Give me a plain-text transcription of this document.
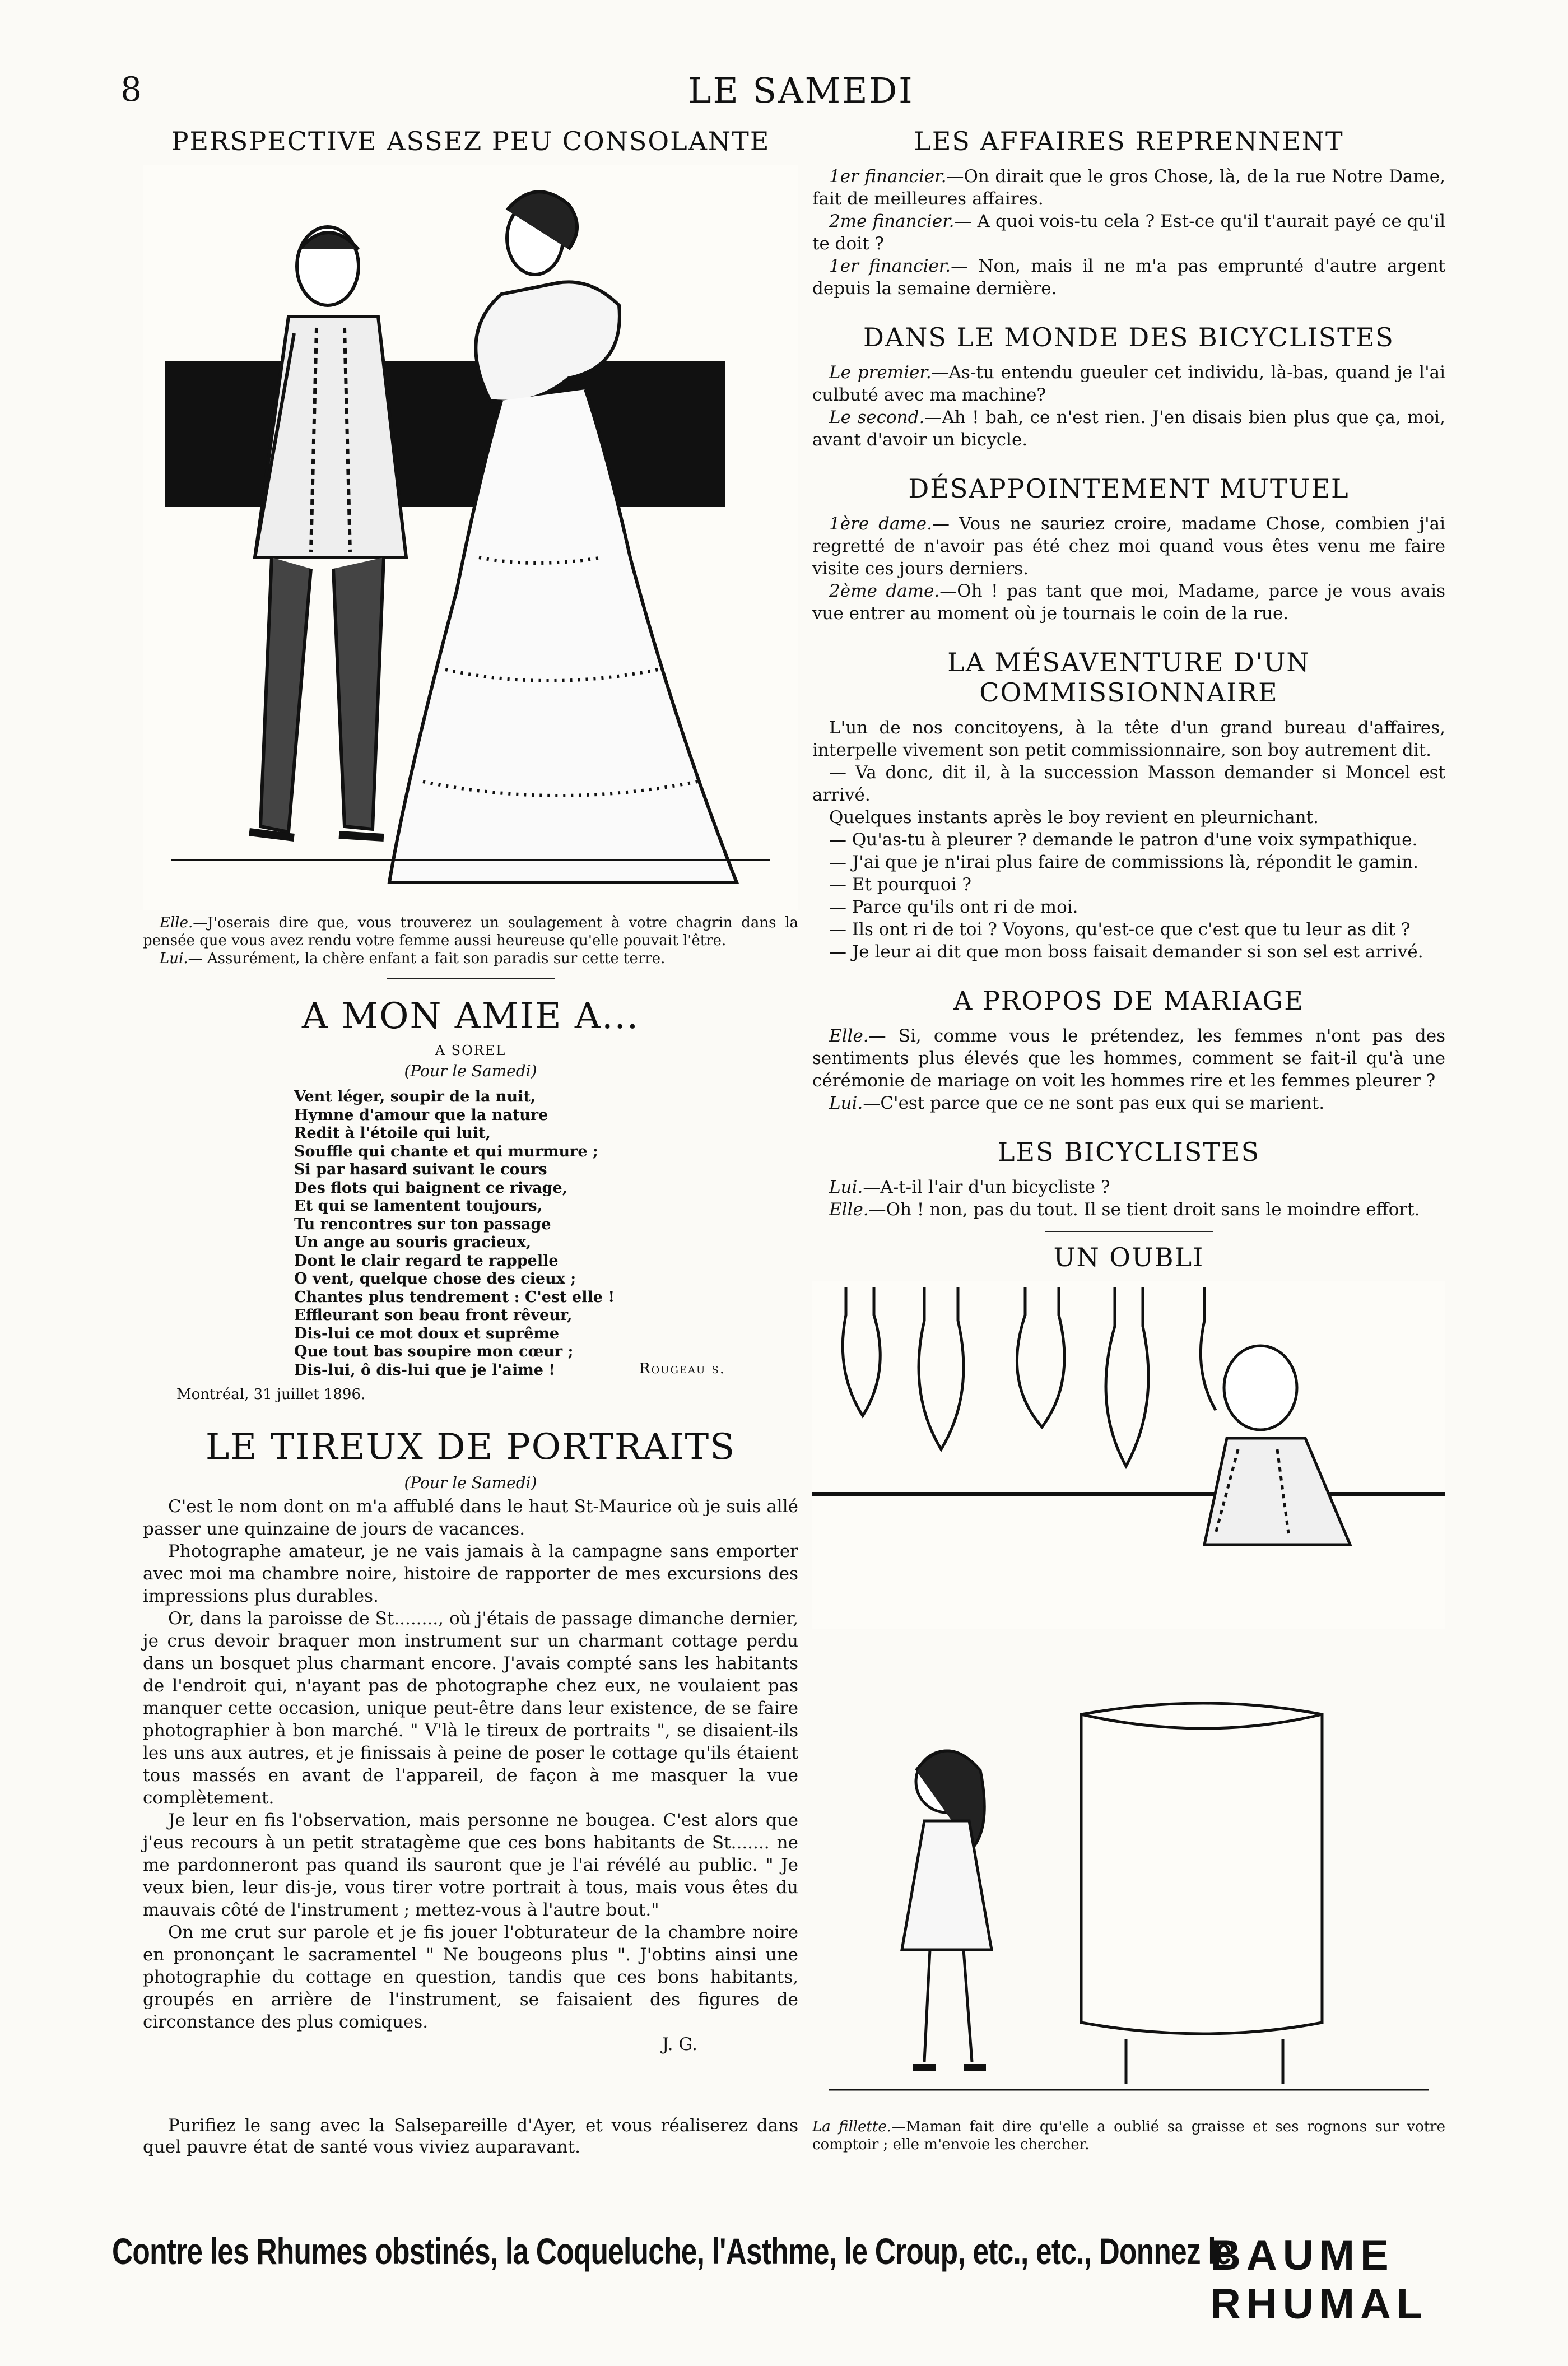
8	LE SAMEDI
PERSPECTIVE ASSEZ PEU CONSOLANTE
Elle.—J'oserais dire que, vous trouverez un soulagement à votre chagrin dans la pensée que vous avez rendu votre femme aussi heureuse qu'elle pouvait l'être.
Lui.— Assurément, la chère enfant a fait son paradis sur cette terre.
A MON AMIE A...
A SOREL
(Pour le Samedi)
Vent léger, soupir de la nuit,
Hymne d'amour que la nature
Redit à l'étoile qui luit,
Souffle qui chante et qui murmure ;
Si par hasard suivant le cours
Des flots qui baignent ce rivage,
Et qui se lamentent toujours,
Tu rencontres sur ton passage
Un ange au souris gracieux,
Dont le clair regard te rappelle
O vent, quelque chose des cieux ;
Chantes plus tendrement : C'est elle !
Effleurant son beau front rêveur,
Dis-lui ce mot doux et suprême
Que tout bas soupire mon cœur ;
Dis-lui, ô dis-lui que je l'aime !	Rougeau s.
Montréal, 31 juillet 1896.
LE TIREUX DE PORTRAITS
(Pour le Samedi)

C'est le nom dont on m'a affublé dans le haut St-Maurice où je suis allé passer une quinzaine de jours de vacances.

Photographe amateur, je ne vais jamais à la campagne sans emporter avec moi ma chambre noire, histoire de rapporter de mes excursions des impressions plus durables.

Or, dans la paroisse de St........, où j'étais de passage dimanche dernier, je crus devoir braquer mon instrument sur un charmant cottage perdu dans un bosquet plus charmant encore. J'avais compté sans les habitants de l'endroit qui, n'ayant pas de photographe chez eux, ne voulaient pas manquer cette occasion, unique peut-être dans leur existence, de se faire photographier à bon marché. " V'là le tireux de portraits ", se disaient-ils les uns aux autres, et je finissais à peine de poser le cottage qu'ils étaient tous massés en avant de l'appareil, de façon à me masquer la vue complètement.

Je leur en fis l'observation, mais personne ne bougea. C'est alors que j'eus recours à un petit stratagème que ces bons habitants de St....... ne me pardonneront pas quand ils sauront que je l'ai révélé au public. " Je veux bien, leur dis-je, vous tirer votre portrait à tous, mais vous êtes du mauvais côté de l'instrument ; mettez-vous à l'autre bout."

On me crut sur parole et je fis jouer l'obturateur de la chambre noire en prononçant le sacramentel " Ne bougeons plus ". J'obtins ainsi une photographie du cottage en question, tandis que ces bons habitants, groupés en arrière de l'instrument, se faisaient des figures de circonstance des plus comiques.

J. G.

Purifiez le sang avec la Salsepareille d'Ayer, et vous réaliserez dans quel pauvre état de santé vous viviez auparavant.

LES AFFAIRES REPRENNENT

1er financier.—On dirait que le gros Chose, là, de la rue Notre Dame, fait de meilleures affaires.

2me financier.— A quoi vois-tu cela ? Est-ce qu'il t'aurait payé ce qu'il te doit ?

1er financier.— Non, mais il ne m'a pas emprunté d'autre argent depuis la semaine dernière.

DANS LE MONDE DES BICYCLISTES

Le premier.—As-tu entendu gueuler cet individu, là-bas, quand je l'ai culbuté avec ma machine?

Le second.—Ah ! bah, ce n'est rien. J'en disais bien plus que ça, moi, avant d'avoir un bicycle.

DÉSAPPOINTEMENT MUTUEL

1ère dame.— Vous ne sauriez croire, madame Chose, combien j'ai regretté de n'avoir pas été chez moi quand vous êtes venu me faire visite ces jours derniers.

2ème dame.—Oh ! pas tant que moi, Madame, parce je vous avais vue entrer au moment où je tournais le coin de la rue.

LA MÉSAVENTURE D'UN COMMISSIONNAIRE

L'un de nos concitoyens, à la tête d'un grand bureau d'affaires, interpelle vivement son petit commissionnaire, son boy autrement dit.

— Va donc, dit il, à la succession Masson demander si Moncel est arrivé.

Quelques instants après le boy revient en pleurnichant.

— Qu'as-tu à pleurer ? demande le patron d'une voix sympathique.

— J'ai que je n'irai plus faire de commissions là, répondit le gamin.

— Et pourquoi ?

— Parce qu'ils ont ri de moi.

— Ils ont ri de toi ? Voyons, qu'est-ce que c'est que tu leur as dit ?

— Je leur ai dit que mon boss faisait demander si son sel est arrivé.

A PROPOS DE MARIAGE

Elle.— Si, comme vous le prétendez, les femmes n'ont pas des sentiments plus élevés que les hommes, comment se fait-il qu'à une cérémonie de mariage on voit les hommes rire et les femmes pleurer ?

Lui.—C'est parce que ce ne sont pas eux qui se marient.

LES BICYCLISTES

Lui.—A-t-il l'air d'un bicycliste ?

Elle.—Oh ! non, pas du tout. Il se tient droit sans le moindre effort.

UN OUBLI
La fillette.—Maman fait dire qu'elle a oublié sa graisse et ses rognons sur votre comptoir ; elle m'envoie les chercher.
Contre les Rhumes obstinés, la Coqueluche, l'Asthme, le Croup, etc., etc., Donnez le
BAUME RHUMAL
